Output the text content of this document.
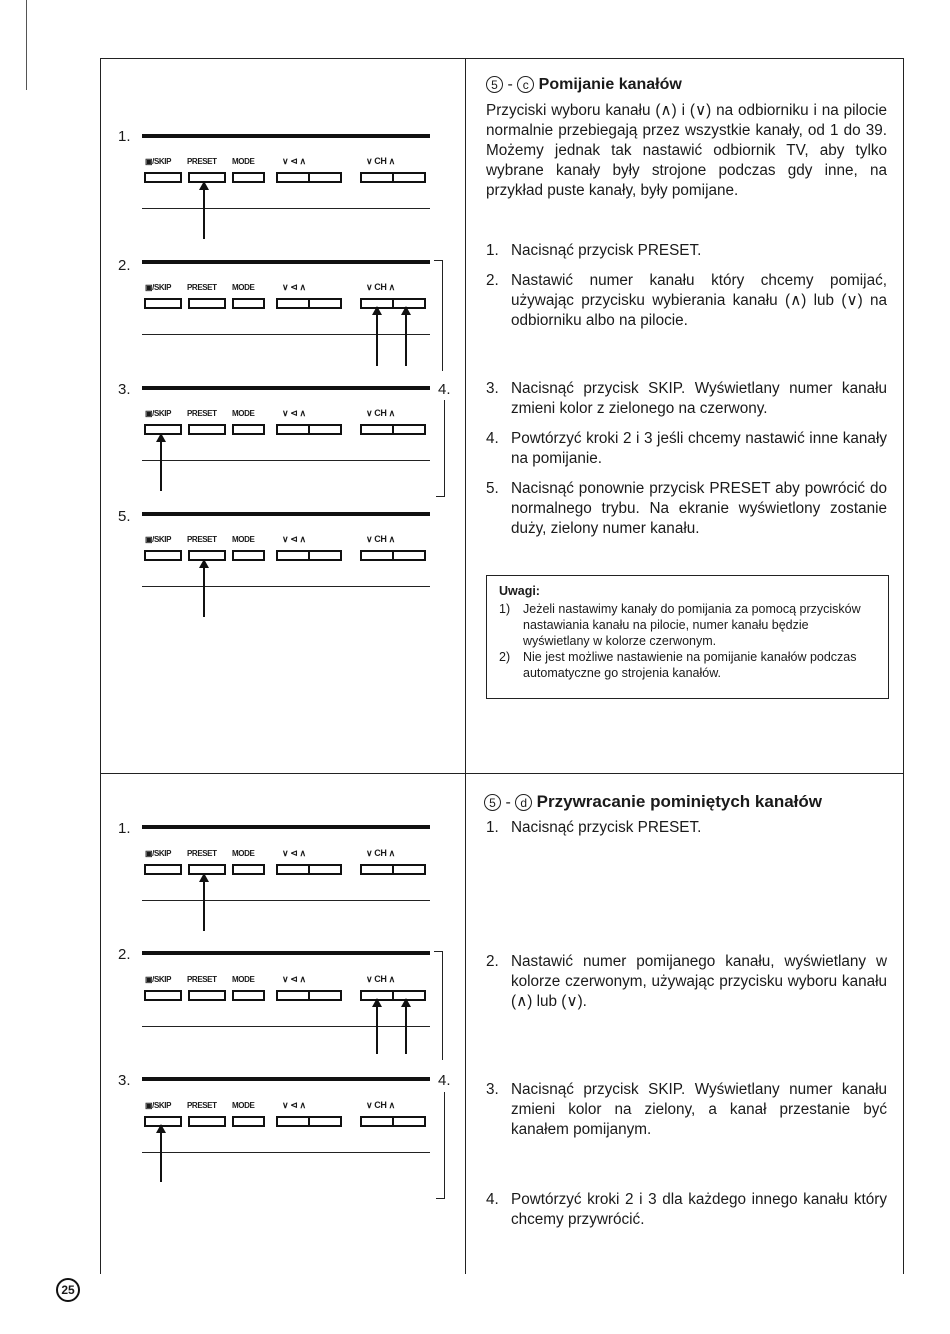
1.
▣/SKIP PRESET MODE	∨ ⊲ ∧	∨ CH ∧
2.
▣/SKIP PRESET MODE	∨ ⊲ ∧	∨ CH ∧
3.	4.
▣/SKIP PRESET MODE	∨ ⊲ ∧	∨ CH ∧
5.
▣/SKIP PRESET MODE	∨ ⊲ ∧	∨ CH ∧
5 - c Pomijanie kanałów
Przyciski wyboru kanału (∧) i (∨) na odbiorniku i na pilocie normalnie przebiegają przez wszystkie kanały, od 1 do 39. Możemy jednak tak nastawić odbiornik TV, aby tylko wybrane kanały były strojone podczas gdy inne, na przykład puste kanały, były pomijane.
1. Nacisnąć przycisk PRESET.
2. Nastawić numer kanału który chcemy pomijać, używając przycisku wybierania kanału (∧) lub (∨) na odbiorniku albo na pilocie.
3. Nacisnąć przycisk SKIP. Wyświetlany numer kanału zmieni kolor z zielonego na czerwony.
4. Powtórzyć kroki 2 i 3 jeśli chcemy nastawić inne kanały na pomijanie.
5. Nacisnąć ponownie przycisk PRESET aby powrócić do normalnego trybu. Na ekranie wyświetlony zostanie duży, zielony numer kanału.
Uwagi:
1) Jeżeli nastawimy kanały do pomijania za pomocą przycisków nastawiania kanału na pilocie, numer kanału będzie wyświetlany w kolorze czerwonym.
2) Nie jest możliwe nastawienie na pomijanie kanałów podczas automatyczne go strojenia kanałów.
1.
▣/SKIP PRESET MODE	∨ ⊲ ∧	∨ CH ∧
2.
▣/SKIP PRESET MODE	∨ ⊲ ∧	∨ CH ∧
3.	4.
▣/SKIP PRESET MODE	∨ ⊲ ∧	∨ CH ∧
5 - d Przywracanie pominiętych kanałów
1. Nacisnąć przycisk PRESET.
2. Nastawić numer pomijanego kanału, wyświetlany w kolorze czerwonym, używając przycisku wyboru kanału (∧) lub (∨).
3. Nacisnąć przycisk SKIP. Wyświetlany numer kanału zmieni kolor na zielony, a kanał przestanie być kanałem pomijanym.
4. Powtórzyć kroki 2 i 3 dla każdego innego kanału który chcemy przywrócić.
25
